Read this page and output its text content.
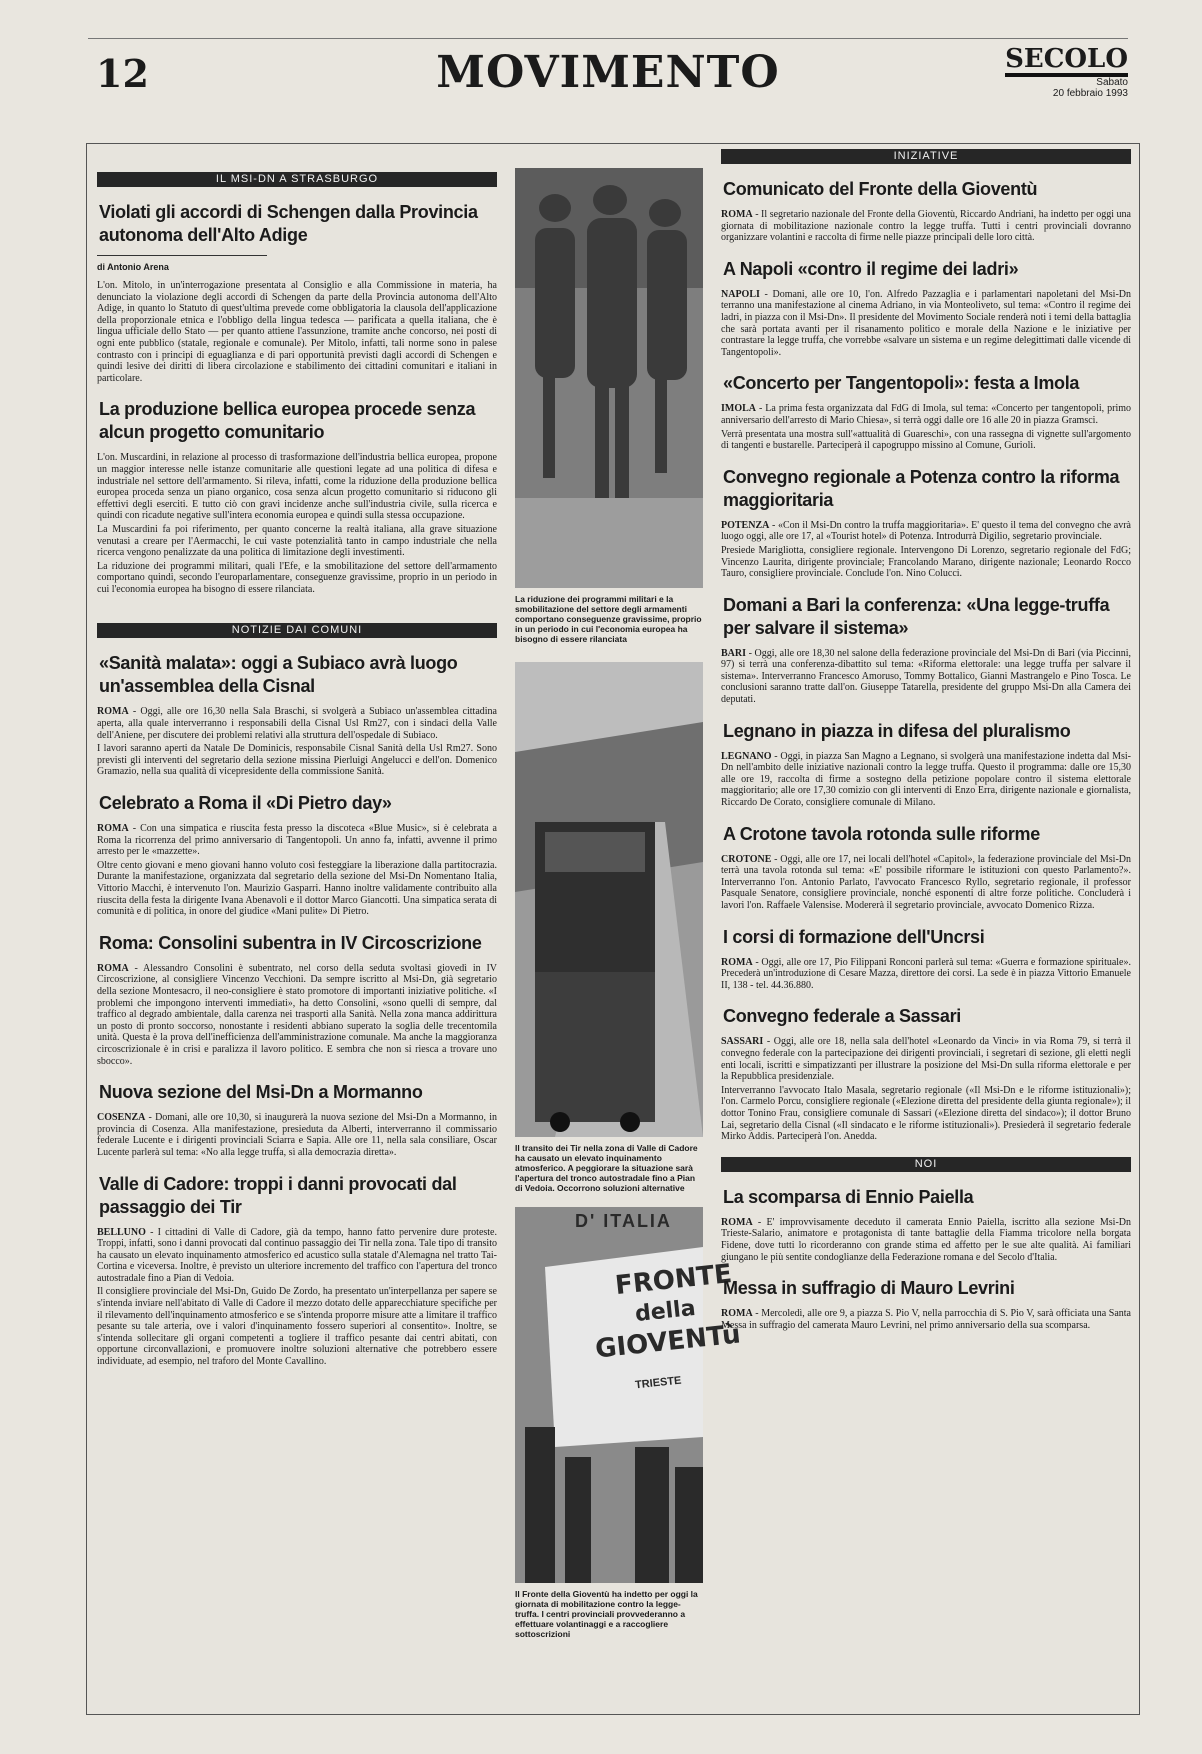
12	MOVIMENTO	SECOLO
Sabato
20 febbraio 1993
IL MSI-DN A STRASBURGO
Violati gli accordi di Schengen dalla Provincia autonoma dell'Alto Adige
di Antonio Arena

L'on. Mitolo, in un'interrogazione presentata al Consiglio e alla Commissione in materia, ha denunciato la violazione degli accordi di Schengen da parte della Provincia autonoma dell'Alto Adige, in quanto lo Statuto di quest'ultima prevede come obbligatoria la clausola dell'applicazione della proporzionale etnica e l'obbligo della lingua tedesca — parificata a quella italiana, che è lingua ufficiale dello Stato — per quanto attiene l'assunzione, tramite anche concorso, nei posti di ogni ente pubblico (statale, regionale e comunale). Per Mitolo, infatti, tali norme sono in palese contrasto con i principi di eguaglianza e di pari opportunità previsti dagli accordi di Schengen e quindi lesive dei diritti di libera circolazione e stabilimento dei cittadini comunitari e italiani in particolare.

La produzione bellica europea procede senza alcun progetto comunitario

L'on. Muscardini, in relazione al processo di trasformazione dell'industria bellica europea, propone un maggior interesse nelle istanze comunitarie alle questioni legate ad una politica di difesa e industriale nel settore dell'armamento. Si rileva, infatti, come la riduzione della produzione bellica europea proceda senza un piano organico, cosa senza alcun progetto comunitario si riducono gli effettivi degli eserciti. E tutto ciò con gravi incidenze anche sull'industria civile, sulla ricerca e quindi con ricadute negative sull'intera economia europea e quindi sulla stessa occupazione.

La Muscardini fa poi riferimento, per quanto concerne la realtà italiana, alla grave situazione venutasi a creare per l'Aermacchi, le cui vaste potenzialità tanto in campo industriale che nella ricerca vengono penalizzate da una politica di limitazione degli investimenti.

La riduzione dei programmi militari, quali l'Efe, e la smobilitazione del settore dell'armamento comportano quindi, secondo l'europarlamentare, conseguenze gravissime, proprio in un periodo in cui l'economia europea ha bisogno di essere rilanciata.

NOTIZIE DAI COMUNI
«Sanità malata»: oggi a Subiaco avrà luogo un'assemblea della Cisnal

ROMA - Oggi, alle ore 16,30 nella Sala Braschi, si svolgerà a Subiaco un'assemblea cittadina aperta, alla quale interverranno i responsabili della Cisnal Usl Rm27, con i sindaci della Valle dell'Aniene, per discutere dei problemi relativi alla struttura dell'ospedale di Subiaco.

I lavori saranno aperti da Natale De Dominicis, responsabile Cisnal Sanità della Usl Rm27. Sono previsti gli interventi del segretario della sezione missina Pierluigi Angelucci e dell'on. Domenico Gramazio, nella sua qualità di vicepresidente della commissione Sanità.

Celebrato a Roma il «Di Pietro day»

ROMA - Con una simpatica e riuscita festa presso la discoteca «Blue Music», si è celebrata a Roma la ricorrenza del primo anniversario di Tangentopoli. Un anno fa, infatti, avvenne il primo arresto per le «mazzette».

Oltre cento giovani e meno giovani hanno voluto così festeggiare la liberazione dalla partitocrazia. Durante la manifestazione, organizzata dal segretario della sezione del Msi-Dn Nomentano Italia, Vittorio Macchi, è intervenuto l'on. Maurizio Gasparri. Hanno inoltre validamente contribuito alla riuscita della festa la dirigente Ivana Abenavoli e il dottor Marco Giancotti. Una simpatica serata di comunità e di politica, in onore del giudice «Mani pulite» Di Pietro.

Roma: Consolini subentra in IV Circoscrizione

ROMA - Alessandro Consolini è subentrato, nel corso della seduta svoltasi giovedì in IV Circoscrizione, al consigliere Vincenzo Vecchioni. Da sempre iscritto al Msi-Dn, già segretario della sezione Montesacro, il neo-consigliere è stato promotore di importanti iniziative politiche. «I problemi che impongono interventi immediati», ha detto Consolini, «sono quelli di sempre, dal traffico al degrado ambientale, dalla carenza nei trasporti alla Sanità. Nella zona manca addirittura un posto di pronto soccorso, nonostante i residenti abbiano superato la soglia delle trecentomila unità. Questa è la prova dell'inefficienza dell'amministrazione comunale. Ma anche la maggioranza circoscrizionale è in crisi e paralizza il lavoro politico. E sembra che non si riesca a trovare uno sbocco».

Nuova sezione del Msi-Dn a Mormanno

COSENZA - Domani, alle ore 10,30, si inaugurerà la nuova sezione del Msi-Dn a Mormanno, in provincia di Cosenza. Alla manifestazione, presieduta da Alberti, interverranno il commissario federale Lucente e i dirigenti provinciali Sciarra e Sapia. Alle ore 11, nella sala consiliare, Oscar Lucente parlerà sul tema: «No alla legge truffa, sì alla democrazia diretta».

Valle di Cadore: troppi i danni provocati dal passaggio dei Tir

BELLUNO - I cittadini di Valle di Cadore, già da tempo, hanno fatto pervenire dure proteste. Troppi, infatti, sono i danni provocati dal continuo passaggio dei Tir nella zona. Tale tipo di transito ha causato un elevato inquinamento atmosferico ed acustico sulla statale d'Alemagna nel tratto Tai-Cortina e viceversa. Inoltre, è previsto un ulteriore incremento del traffico con l'apertura del tronco autostradale fino a Pian di Vedoia.

Il consigliere provinciale del Msi-Dn, Guido De Zordo, ha presentato un'interpellanza per sapere se s'intenda inviare nell'abitato di Valle di Cadore il mezzo dotato delle apparecchiature specifiche per il rilevamento dell'inquinamento atmosferico e se s'intenda proporre misure atte a limitare il traffico pesante su tale arteria, ove i valori d'inquinamento fossero superiori al consentito». Inoltre, se s'intenda sollecitare gli organi competenti a togliere il traffico pesante dai centri abitati, con opportune circonvallazioni, e promuovere inoltre soluzioni alternative che potrebbero essere individuate, ad esempio, nel traforo del Monte Cavallino.

La riduzione dei programmi militari e la smobilitazione del settore degli armamenti comportano conseguenze gravissime, proprio in un periodo in cui l'economia europea ha bisogno di essere rilanciata
Il transito dei Tir nella zona di Valle di Cadore ha causato un elevato inquinamento atmosferico. A peggiorare la situazione sarà l'apertura del tronco autostradale fino a Pian di Vedoia. Occorrono soluzioni alternative
D' ITALIA
FRONTE
della
GIOVENTù
TRIESTE
Il Fronte della Gioventù ha indetto per oggi la giornata di mobilitazione contro la legge-truffa. I centri provinciali provvederanno a effettuare volantinaggi e a raccogliere sottoscrizioni
INIZIATIVE
Comunicato del Fronte della Gioventù

ROMA - Il segretario nazionale del Fronte della Gioventù, Riccardo Andriani, ha indetto per oggi una giornata di mobilitazione nazionale contro la legge truffa. Tutti i centri provinciali dovranno organizzare volantini e raccolta di firme nelle piazze principali delle loro città.

A Napoli «contro il regime dei ladri»

NAPOLI - Domani, alle ore 10, l'on. Alfredo Pazzaglia e i parlamentari napoletani del Msi-Dn terranno una manifestazione al cinema Adriano, in via Monteoliveto, sul tema: «Contro il regime dei ladri, in piazza con il Msi-Dn». Il presidente del Movimento Sociale renderà noti i temi della battaglia che sarà portata avanti per il risanamento politico e morale della Nazione e le iniziative per contrastare la legge truffa, che vorrebbe «salvare un sistema e un regime delegittimati dalle vicende di Tangentopoli».

«Concerto per Tangentopoli»: festa a Imola

IMOLA - La prima festa organizzata dal FdG di Imola, sul tema: «Concerto per tangentopoli, primo anniversario dell'arresto di Mario Chiesa», si terrà oggi dalle ore 16 alle 20 in piazza Gramsci.

Verrà presentata una mostra sull'«attualità di Guareschi», con una rassegna di vignette sull'argomento di tangenti e bustarelle. Parteciperà il capogruppo missino al Comune, Gurioli.

Convegno regionale a Potenza contro la riforma maggioritaria

POTENZA - «Con il Msi-Dn contro la truffa maggioritaria». E' questo il tema del convegno che avrà luogo oggi, alle ore 17, al «Tourist hotel» di Potenza. Introdurrà Digilio, segretario provinciale.

Presiede Marigliotta, consigliere regionale. Intervengono Di Lorenzo, segretario regionale del FdG; Vincenzo Laurita, dirigente provinciale; Francolando Marano, dirigente nazionale; Leonardo Rocco Tauro, consigliere provinciale. Conclude l'on. Nino Colucci.

Domani a Bari la conferenza: «Una legge-truffa per salvare il sistema»

BARI - Oggi, alle ore 18,30 nel salone della federazione provinciale del Msi-Dn di Bari (via Piccinni, 97) si terrà una conferenza-dibattito sul tema: «Riforma elettorale: una legge truffa per salvare il sistema». Interverranno Francesco Amoruso, Tommy Bottalico, Gianni Mastrangelo e Pino Tosca. Le conclusioni saranno tratte dall'on. Giuseppe Tatarella, presidente del gruppo Msi-Dn alla Camera dei deputati.

Legnano in piazza in difesa del pluralismo

LEGNANO - Oggi, in piazza San Magno a Legnano, si svolgerà una manifestazione indetta dal Msi-Dn nell'ambito delle iniziative nazionali contro la legge truffa. Questo il programma: dalle ore 15,30 alle ore 19, raccolta di firme a sostegno della petizione popolare contro il sistema elettorale maggioritario; alle ore 17,30 comizio con gli interventi di Enzo Erra, dirigente nazionale e giornalista, Riccardo De Corato, consigliere comunale di Milano.

A Crotone tavola rotonda sulle riforme

CROTONE - Oggi, alle ore 17, nei locali dell'hotel «Capitol», la federazione provinciale del Msi-Dn terrà una tavola rotonda sul tema: «E' possibile riformare le istituzioni con questo Parlamento?». Interverranno l'on. Antonio Parlato, l'avvocato Francesco Ryllo, segretario regionale, il professor Pasquale Senatore, consigliere provinciale, nonché esponenti di altre forze politiche. Concluderà i lavori l'on. Raffaele Valensise. Modererà il segretario provinciale, avvocato Domenico Rizza.

I corsi di formazione dell'Uncrsi

ROMA - Oggi, alle ore 17, Pio Filippani Ronconi parlerà sul tema: «Guerra e formazione spirituale». Precederà un'introduzione di Cesare Mazza, direttore dei corsi. La sede è in piazza Vittorio Emanuele II, 138 - tel. 44.36.880.

Convegno federale a Sassari

SASSARI - Oggi, alle ore 18, nella sala dell'hotel «Leonardo da Vinci» in via Roma 79, si terrà il convegno federale con la partecipazione dei dirigenti provinciali, i segretari di sezione, gli eletti negli enti locali, iscritti e simpatizzanti per illustrare la posizione del Msi-Dn sulla riforma elettorale e per la Repubblica presidenziale.

Interverranno l'avvocato Italo Masala, segretario regionale («Il Msi-Dn e le riforme istituzionali»); l'on. Carmelo Porcu, consigliere regionale («Elezione diretta del presidente della giunta regionale»); il dottor Tonino Frau, consigliere comunale di Sassari («Elezione diretta del sindaco»); il dottor Bruno Lai, segretario della Cisnal («Il sindacato e le riforme istituzionali»). Presiederà il segretario federale Mirko Addis. Parteciperà l'on. Anedda.

NOI
La scomparsa di Ennio Paiella

ROMA - E' improvvisamente deceduto il camerata Ennio Paiella, iscritto alla sezione Msi-Dn Trieste-Salario, animatore e protagonista di tante battaglie della Fiamma tricolore nella borgata Fidene, dove tutti lo ricorderanno con grande stima ed affetto per le sue alte qualità. Ai familiari giungano le più sentite condoglianze della Federazione romana e del Secolo d'Italia.

Messa in suffragio di Mauro Levrini

ROMA - Mercoledì, alle ore 9, a piazza S. Pio V, nella parrocchia di S. Pio V, sarà officiata una Santa Messa in suffragio del camerata Mauro Levrini, nel primo anniversario della sua scomparsa.
